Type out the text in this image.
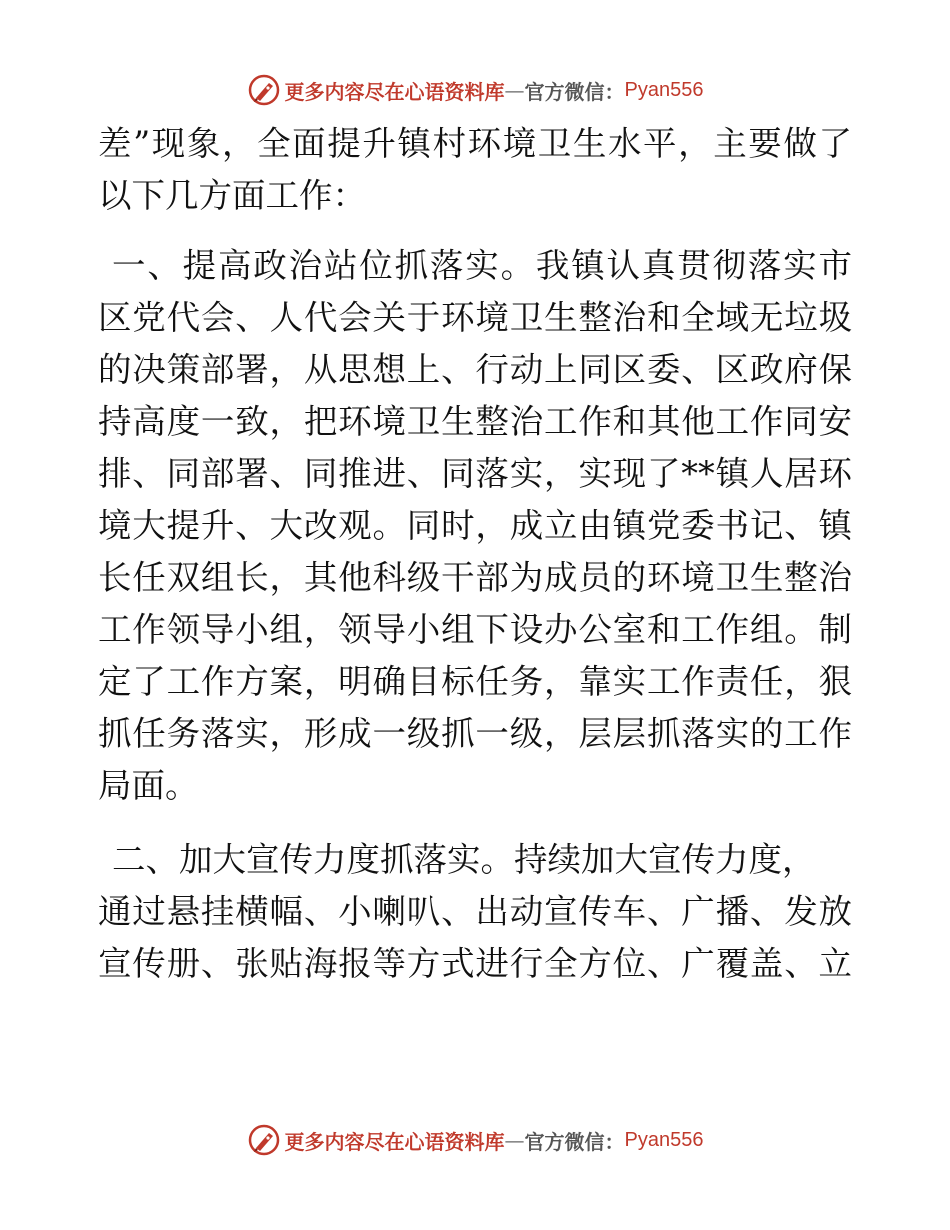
更多内容尽在心语资料库 — 官方微信： Pyan556
差”现象，全面提升镇村环境卫生水平，主要做了
以下几方面工作：
一、提高政治站位抓落实。我镇认真贯彻落实市
区党代会、人代会关于环境卫生整治和全域无垃圾
的决策部署，从思想上、行动上同区委、区政府保
持高度一致，把环境卫生整治工作和其他工作同安
排、同部署、同推进、同落实，实现了**镇人居环
境大提升、大改观。同时，成立由镇党委书记、镇
长任双组长，其他科级干部为成员的环境卫生整治
工作领导小组，领导小组下设办公室和工作组。制
定了工作方案，明确目标任务，靠实工作责任，狠
抓任务落实，形成一级抓一级，层层抓落实的工作
局面。
二、加大宣传力度抓落实。持续加大宣传力度，
通过悬挂横幅、小喇叭、出动宣传车、广播、发放
宣传册、张贴海报等方式进行全方位、广覆盖、立
更多内容尽在心语资料库 — 官方微信： Pyan556
